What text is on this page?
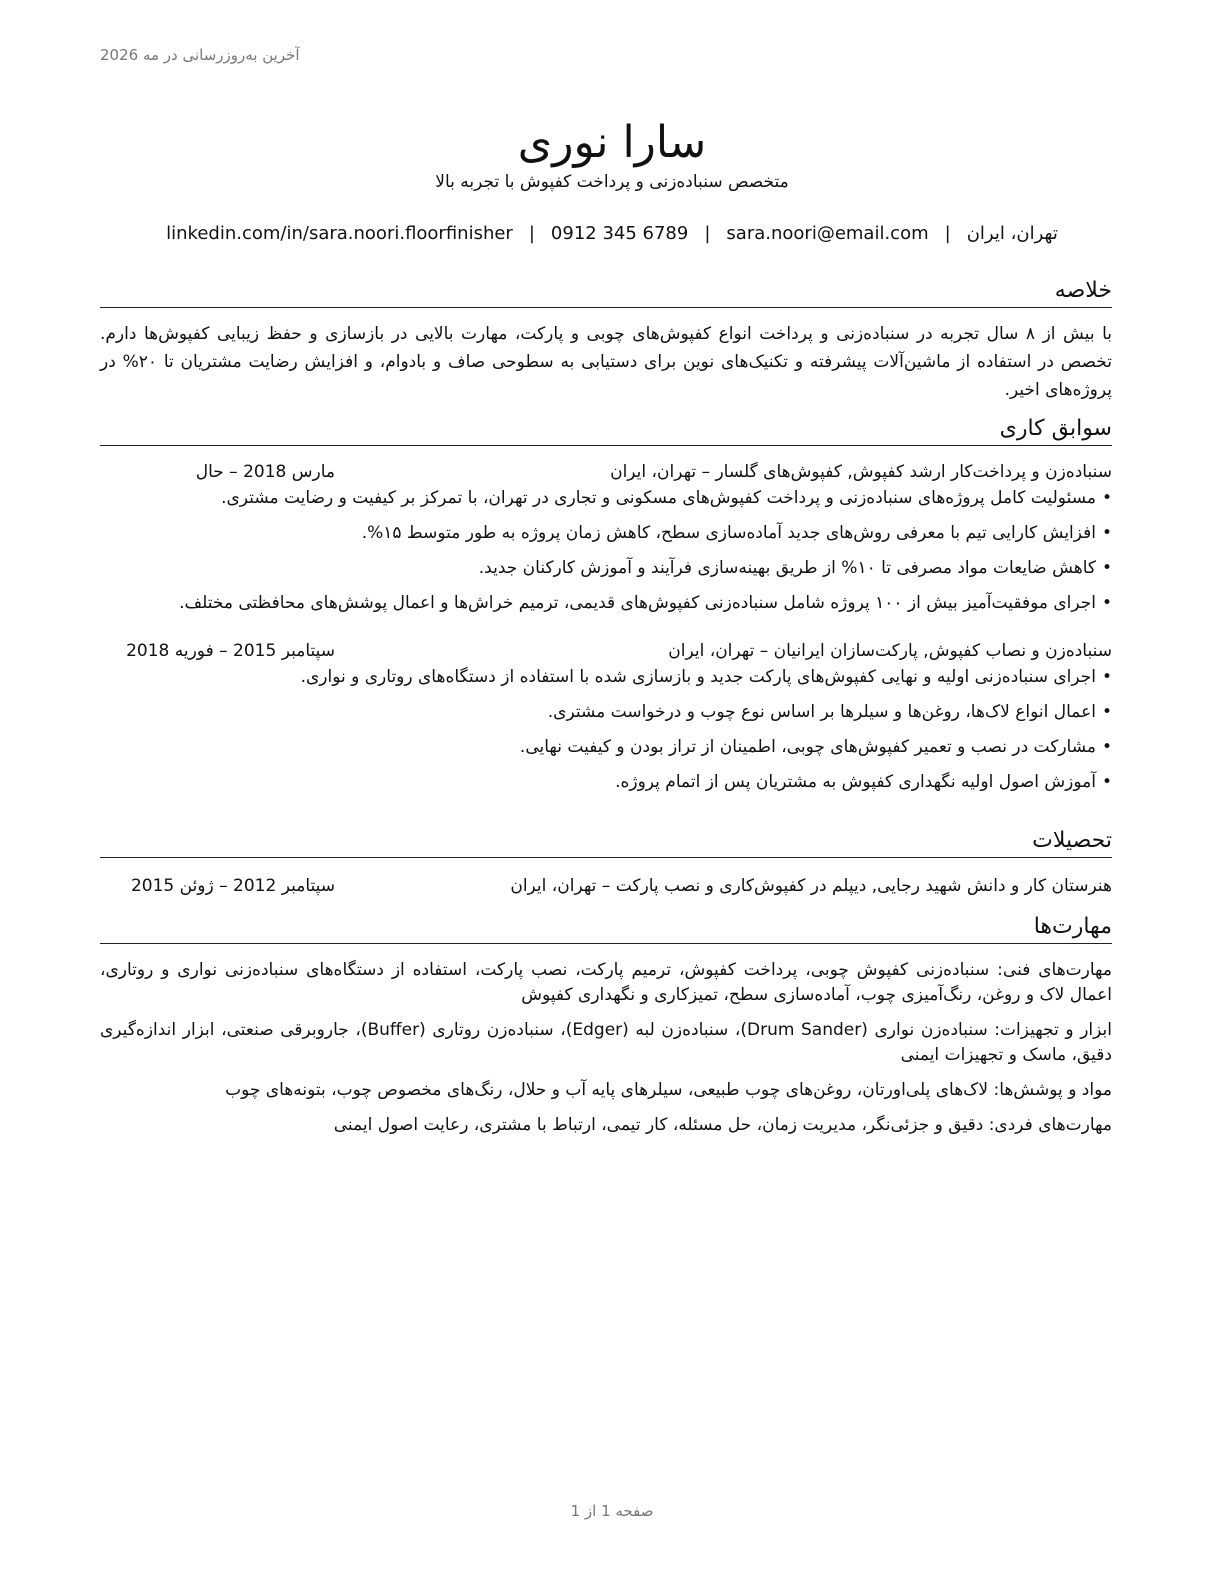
آخرین به‌روزرسانی در مه 2026
سارا نوری
متخصص سنباده‌زنی و پرداخت کفپوش با تجربه بالا
تهران، ایران|sara.noori@email.com|0912 345 6789|linkedin.com/in/sara.noori.floorfinisher
خلاصه
با بیش از ۸ سال تجربه در سنباده‌زنی و پرداخت انواع کفپوش‌های چوبی و پارکت، مهارت بالایی در بازسازی و حفظ زیبایی کفپوش‌ها دارم. تخصص در استفاده از ماشین‌آلات پیشرفته و تکنیک‌های نوین برای دستیابی به سطوحی صاف و بادوام، و افزایش رضایت مشتریان تا ۲۰% در پروژه‌های اخیر.
سوابق کاری
سنباده‌زن و پرداخت‌کار ارشد کفپوش, کفپوش‌های گلسار – تهران، ایران
مارس 2018 – حال
•
مسئولیت کامل پروژه‌های سنباده‌زنی و پرداخت کفپوش‌های مسکونی و تجاری در تهران، با تمرکز بر کیفیت و رضایت مشتری.
•
افزایش کارایی تیم با معرفی روش‌های جدید آماده‌سازی سطح، کاهش زمان پروژه به طور متوسط ۱۵%.
•
کاهش ضایعات مواد مصرفی تا ۱۰% از طریق بهینه‌سازی فرآیند و آموزش کارکنان جدید.
•
اجرای موفقیت‌آمیز بیش از ۱۰۰ پروژه شامل سنباده‌زنی کفپوش‌های قدیمی، ترمیم خراش‌ها و اعمال پوشش‌های محافظتی مختلف.
سنباده‌زن و نصاب کفپوش, پارکت‌سازان ایرانیان – تهران، ایران
سپتامبر 2015 – فوریه 2018
•
اجرای سنباده‌زنی اولیه و نهایی کفپوش‌های پارکت جدید و بازسازی شده با استفاده از دستگاه‌های روتاری و نواری.
•
اعمال انواع لاک‌ها، روغن‌ها و سیلرها بر اساس نوع چوب و درخواست مشتری.
•
مشارکت در نصب و تعمیر کفپوش‌های چوبی، اطمینان از تراز بودن و کیفیت نهایی.
•
آموزش اصول اولیه نگهداری کفپوش به مشتریان پس از اتمام پروژه.
تحصیلات
هنرستان کار و دانش شهید رجایی, دیپلم در کفپوش‌کاری و نصب پارکت – تهران، ایران
سپتامبر 2012 – ژوئن 2015
مهارت‌ها
مهارت‌های فنی: سنباده‌زنی کفپوش چوبی، پرداخت کفپوش، ترمیم پارکت، نصب پارکت، استفاده از دستگاه‌های سنباده‌زنی نواری و روتاری، اعمال لاک و روغن، رنگ‌آمیزی چوب، آماده‌سازی سطح، تمیزکاری و نگهداری کفپوش
ابزار و تجهیزات: سنباده‌زن نواری (Drum Sander)، سنباده‌زن لبه (Edger)، سنباده‌زن روتاری (Buffer)، جاروبرقی صنعتی، ابزار اندازه‌گیری دقیق، ماسک و تجهیزات ایمنی
مواد و پوشش‌ها: لاک‌های پلی‌اورتان، روغن‌های چوب طبیعی، سیلرهای پایه آب و حلال، رنگ‌های مخصوص چوب، بتونه‌های چوب
مهارت‌های فردی: دقیق و جزئی‌نگر، مدیریت زمان، حل مسئله، کار تیمی، ارتباط با مشتری، رعایت اصول ایمنی
صفحه 1 از 1
